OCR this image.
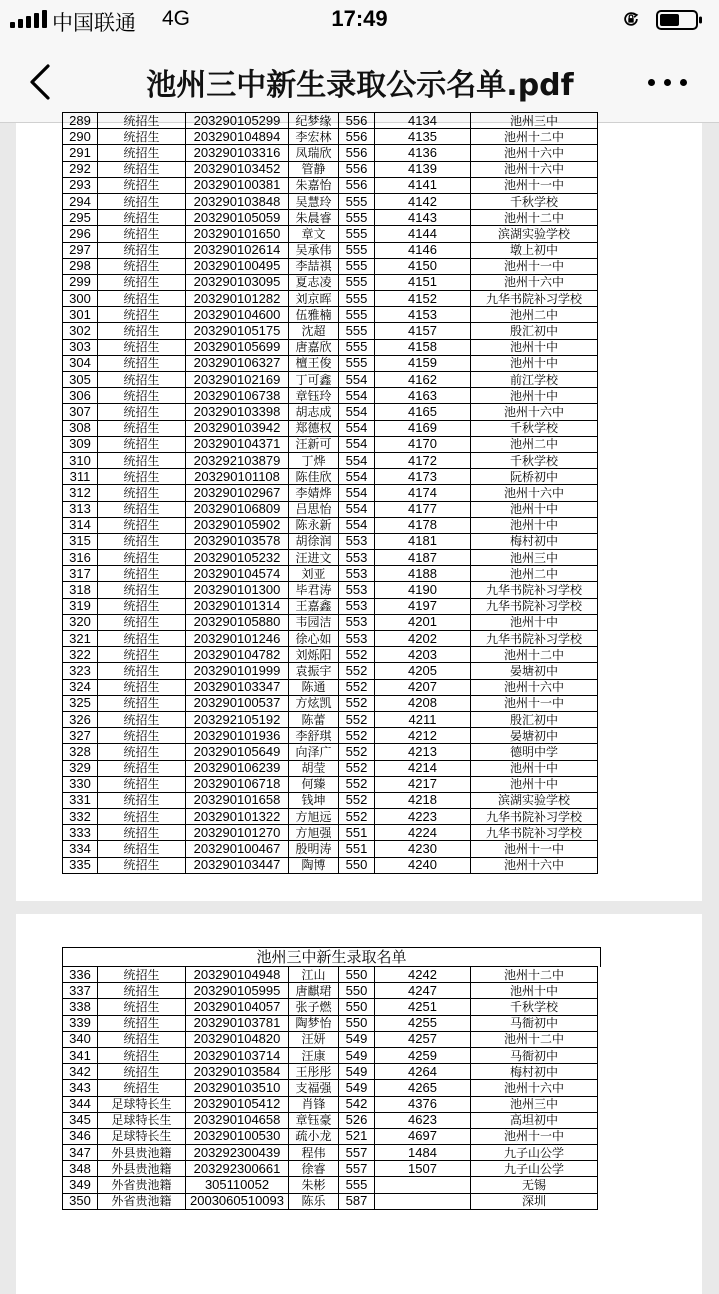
中国联通 4G	17:49
池州三中新生录取公示名单.pdf
289	统招生	203290105299	纪梦缘	556	4134	池州三中
290	统招生	203290104894	李宏林	556	4135	池州十二中
291	统招生	203290103316	凤瑞欣	556	4136	池州十六中
292	统招生	203290103452	管静	556	4139	池州十六中
293	统招生	203290100381	朱嘉怡	556	4141	池州十一中
294	统招生	203290103848	吴慧玲	555	4142	千秋学校
295	统招生	203290105059	朱晨睿	555	4143	池州十二中
296	统招生	203290101650	章文	555	4144	滨湖实验学校
297	统招生	203290102614	吴承伟	555	4146	墩上初中
298	统招生	203290100495	李喆祺	555	4150	池州十一中
299	统招生	203290103095	夏志凌	555	4151	池州十六中
300	统招生	203290101282	刘京晖	555	4152	九华书院补习学校
301	统招生	203290104600	伍雅楠	555	4153	池州二中
302	统招生	203290105175	沈超	555	4157	殷汇初中
303	统招生	203290105699	唐嘉欣	555	4158	池州十中
304	统招生	203290106327	檀王俊	555	4159	池州十中
305	统招生	203290102169	丁可鑫	554	4162	前江学校
306	统招生	203290106738	章钰玲	554	4163	池州十中
307	统招生	203290103398	胡志成	554	4165	池州十六中
308	统招生	203290103942	郑德权	554	4169	千秋学校
309	统招生	203290104371	汪新可	554	4170	池州二中
310	统招生	203292103879	丁烨	554	4172	千秋学校
311	统招生	203290101108	陈佳欣	554	4173	阮桥初中
312	统招生	203290102967	李婧烨	554	4174	池州十六中
313	统招生	203290106809	吕思怡	554	4177	池州十中
314	统招生	203290105902	陈永新	554	4178	池州十中
315	统招生	203290103578	胡徐润	553	4181	梅村初中
316	统招生	203290105232	汪进文	553	4187	池州三中
317	统招生	203290104574	刘亚	553	4188	池州二中
318	统招生	203290101300	毕君涛	553	4190	九华书院补习学校
319	统招生	203290101314	王嘉鑫	553	4197	九华书院补习学校
320	统招生	203290105880	韦园洁	553	4201	池州十中
321	统招生	203290101246	徐心如	553	4202	九华书院补习学校
322	统招生	203290104782	刘烁阳	552	4203	池州十二中
323	统招生	203290101999	袁振宇	552	4205	晏塘初中
324	统招生	203290103347	陈通	552	4207	池州十六中
325	统招生	203290100537	方炫凯	552	4208	池州十一中
326	统招生	203292105192	陈蕾	552	4211	殷汇初中
327	统招生	203290101936	李舒琪	552	4212	晏塘初中
328	统招生	203290105649	向泽广	552	4213	德明中学
329	统招生	203290106239	胡莹	552	4214	池州十中
330	统招生	203290106718	何臻	552	4217	池州十中
331	统招生	203290101658	钱坤	552	4218	滨湖实验学校
332	统招生	203290101322	方旭远	552	4223	九华书院补习学校
333	统招生	203290101270	方旭强	551	4224	九华书院补习学校
334	统招生	203290100467	殷明涛	551	4230	池州十一中
335	统招生	203290103447	陶博	550	4240	池州十六中
池州三中新生录取名单
336	统招生	203290104948	江山	550	4242	池州十二中
337	统招生	203290105995	唐麒珺	550	4247	池州十中
338	统招生	203290104057	张子燃	550	4251	千秋学校
339	统招生	203290103781	陶梦怡	550	4255	马衙初中
340	统招生	203290104820	汪妍	549	4257	池州十二中
341	统招生	203290103714	汪康	549	4259	马衙初中
342	统招生	203290103584	王彤彤	549	4264	梅村初中
343	统招生	203290103510	支福强	549	4265	池州十六中
344	足球特长生	203290105412	肖锋	542	4376	池州三中
345	足球特长生	203290104658	章钰豪	526	4623	高坦初中
346	足球特长生	203290100530	疏小龙	521	4697	池州十一中
347	外县贵池籍	203292300439	程伟	557	1484	九子山公学
348	外县贵池籍	203292300661	徐睿	557	1507	九子山公学
349	外省贵池籍	305110052	朱彬	555		无锡
350	外省贵池籍	2003060510093	陈乐	587		深圳
